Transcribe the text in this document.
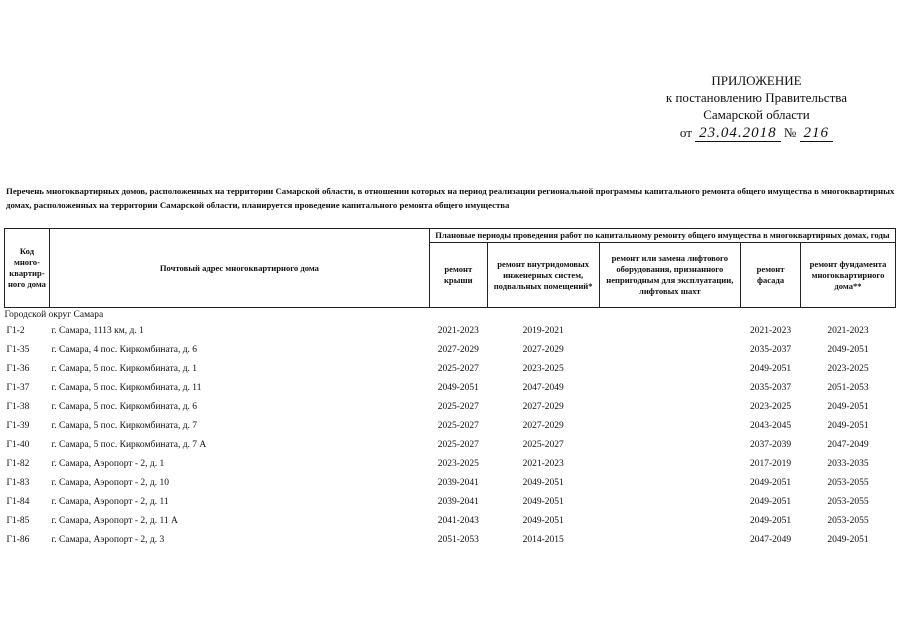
ПРИЛОЖЕНИЕ
к постановлению Правительства
Самарской области
от 23.04.2018 № 216
Перечень многоквартирных домов, расположенных на территории Самарской области, в отношении которых на период реализации региональной программы капитального ремонта общего имущества в многоквартирных домах, расположенных на территории Самарской области, планируется проведение капитального ремонта общего имущества
Код много-квартир-ного дома	Почтовый адрес многоквартирного дома	Плановые периоды проведения работ по капитальному ремонту общего имущества в многоквартирных домах, годы				
		ремонт крыши	ремонт внутридомовых инженерных систем, подвальных помещений*	ремонт или замена лифтового оборудования, признанного непригодным для эксплуатации, лифтовых шахт	ремонт фасада	ремонт фундамента многоквартирного дома**
Городской округ Самара						
Г1-2	г. Самара, 1113 км, д. 1	2021-2023	2019-2021		2021-2023	2021-2023
Г1-35	г. Самара, 4 пос. Киркомбината, д. 6	2027-2029	2027-2029		2035-2037	2049-2051
Г1-36	г. Самара, 5 пос. Киркомбината, д. 1	2025-2027	2023-2025		2049-2051	2023-2025
Г1-37	г. Самара, 5 пос. Киркомбината, д. 11	2049-2051	2047-2049		2035-2037	2051-2053
Г1-38	г. Самара, 5 пос. Киркомбината, д. 6	2025-2027	2027-2029		2023-2025	2049-2051
Г1-39	г. Самара, 5 пос. Киркомбината, д. 7	2025-2027	2027-2029		2043-2045	2049-2051
Г1-40	г. Самара, 5 пос. Киркомбината, д. 7 А	2025-2027	2025-2027		2037-2039	2047-2049
Г1-82	г. Самара, Аэропорт - 2, д. 1	2023-2025	2021-2023		2017-2019	2033-2035
Г1-83	г. Самара, Аэропорт - 2, д. 10	2039-2041	2049-2051		2049-2051	2053-2055
Г1-84	г. Самара, Аэропорт - 2, д. 11	2039-2041	2049-2051		2049-2051	2053-2055
Г1-85	г. Самара, Аэропорт - 2, д. 11 А	2041-2043	2049-2051		2049-2051	2053-2055
Г1-86	г. Самара, Аэропорт - 2, д. 3	2051-2053	2014-2015		2047-2049	2049-2051
